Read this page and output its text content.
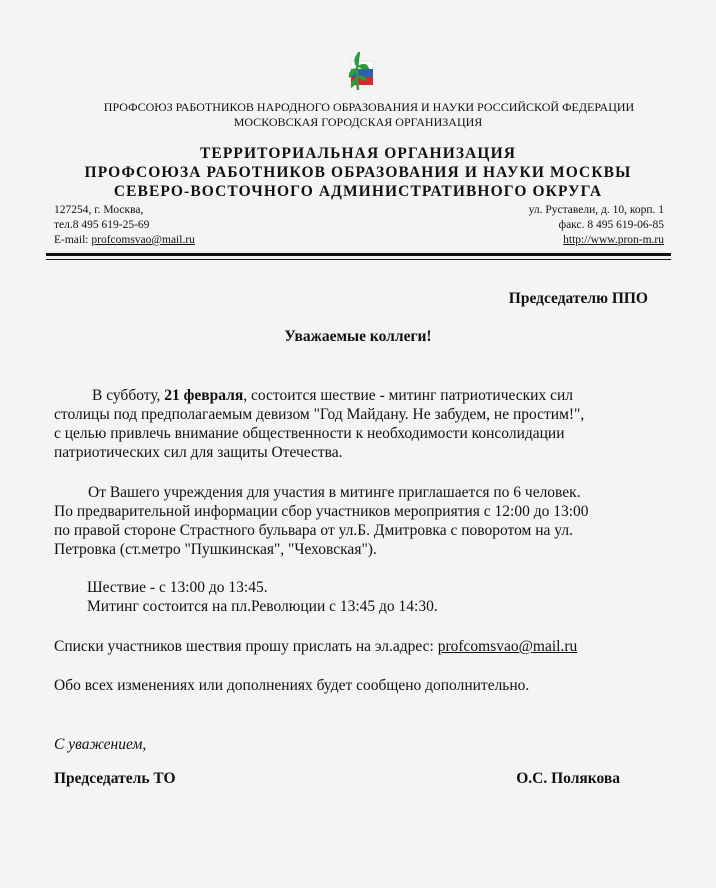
ПРОФСОЮЗ РАБОТНИКОВ НАРОДНОГО ОБРАЗОВАНИЯ И НАУКИ РОССИЙСКОЙ ФЕДЕРАЦИИ
МОСКОВСКАЯ ГОРОДСКАЯ ОРГАНИЗАЦИЯ
ТЕРРИТОРИАЛЬНАЯ ОРГАНИЗАЦИЯ
ПРОФСОЮЗА РАБОТНИКОВ ОБРАЗОВАНИЯ И НАУКИ МОСКВЫ
СЕВЕРО-ВОСТОЧНОГО АДМИНИСТРАТИВНОГО ОКРУГА
127254, г. Москва,
тел.8 495 619-25-69
E-mail: profcomsvao@mail.ru
ул. Руставели, д. 10, корп. 1
факс. 8 495 619-06-85
http://www.pron-m.ru
Председателю ППО
Уважаемые коллеги!
В субботу, 21 февраля, состоится шествие - митинг патриотических сил
столицы под предполагаемым девизом "Год Майдану. Не забудем, не простим!",
с целью привлечь внимание общественности к необходимости консолидации
патриотических сил для защиты Отечества.
От Вашего учреждения для участия в митинге приглашается по 6 человек.
По предварительной информации сбор участников мероприятия с 12:00 до 13:00
по правой стороне Страстного бульвара от ул.Б. Дмитровка с поворотом на ул.
Петровка (ст.метро "Пушкинская", "Чеховская").
Шествие - с 13:00 до 13:45.
Митинг состоится на пл.Революции с 13:45 до 14:30.
Списки участников шествия прошу прислать на эл.адрес: profcomsvao@mail.ru
Обо всех изменениях или дополнениях будет сообщено дополнительно.
С уважением,
Председатель ТО	О.С. Полякова
